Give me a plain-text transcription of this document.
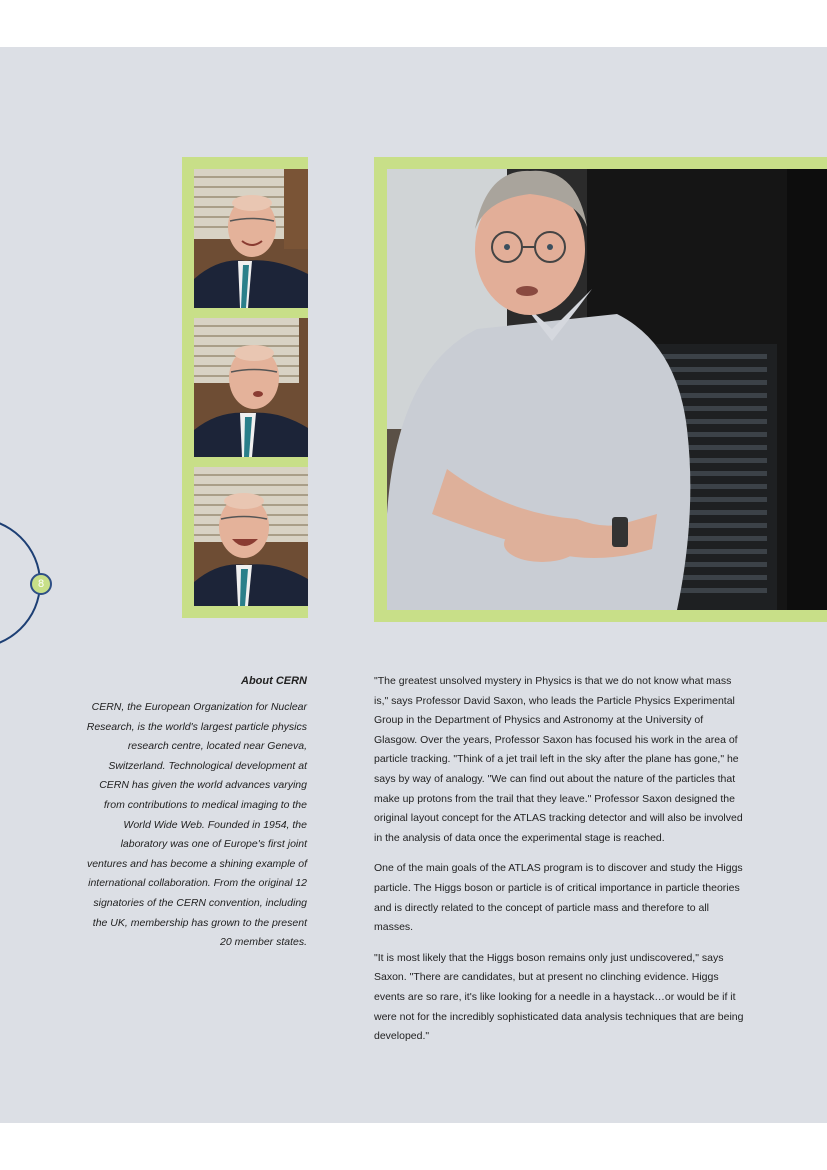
8
About CERN

CERN, the European Organization for Nuclear Research, is the world's largest particle physics research centre, located near Geneva, Switzerland. Technological development at CERN has given the world advances varying from contributions to medical imaging to the World Wide Web. Founded in 1954, the laboratory was one of Europe's first joint ventures and has become a shining example of international collaboration. From the original 12 signatories of the CERN convention, including the UK, membership has grown to the present 20 member states.

"The greatest unsolved mystery in Physics is that we do not know what mass is," says Professor David Saxon, who leads the Particle Physics Experimental Group in the Department of Physics and Astronomy at the University of Glasgow. Over the years, Professor Saxon has focused his work in the area of particle tracking. "Think of a jet trail left in the sky after the plane has gone," he says by way of analogy. "We can find out about the nature of the particles that make up protons from the trail that they leave." Professor Saxon designed the original layout concept for the ATLAS tracking detector and will also be involved in the analysis of data once the experimental stage is reached.

One of the main goals of the ATLAS program is to discover and study the Higgs particle. The Higgs boson or particle is of critical importance in particle theories and is directly related to the concept of particle mass and therefore to all masses.

"It is most likely that the Higgs boson remains only just undiscovered," says Saxon. "There are candidates, but at present no clinching evidence. Higgs events are so rare, it's like looking for a needle in a haystack…or would be if it were not for the incredibly sophisticated data analysis techniques that are being developed."
